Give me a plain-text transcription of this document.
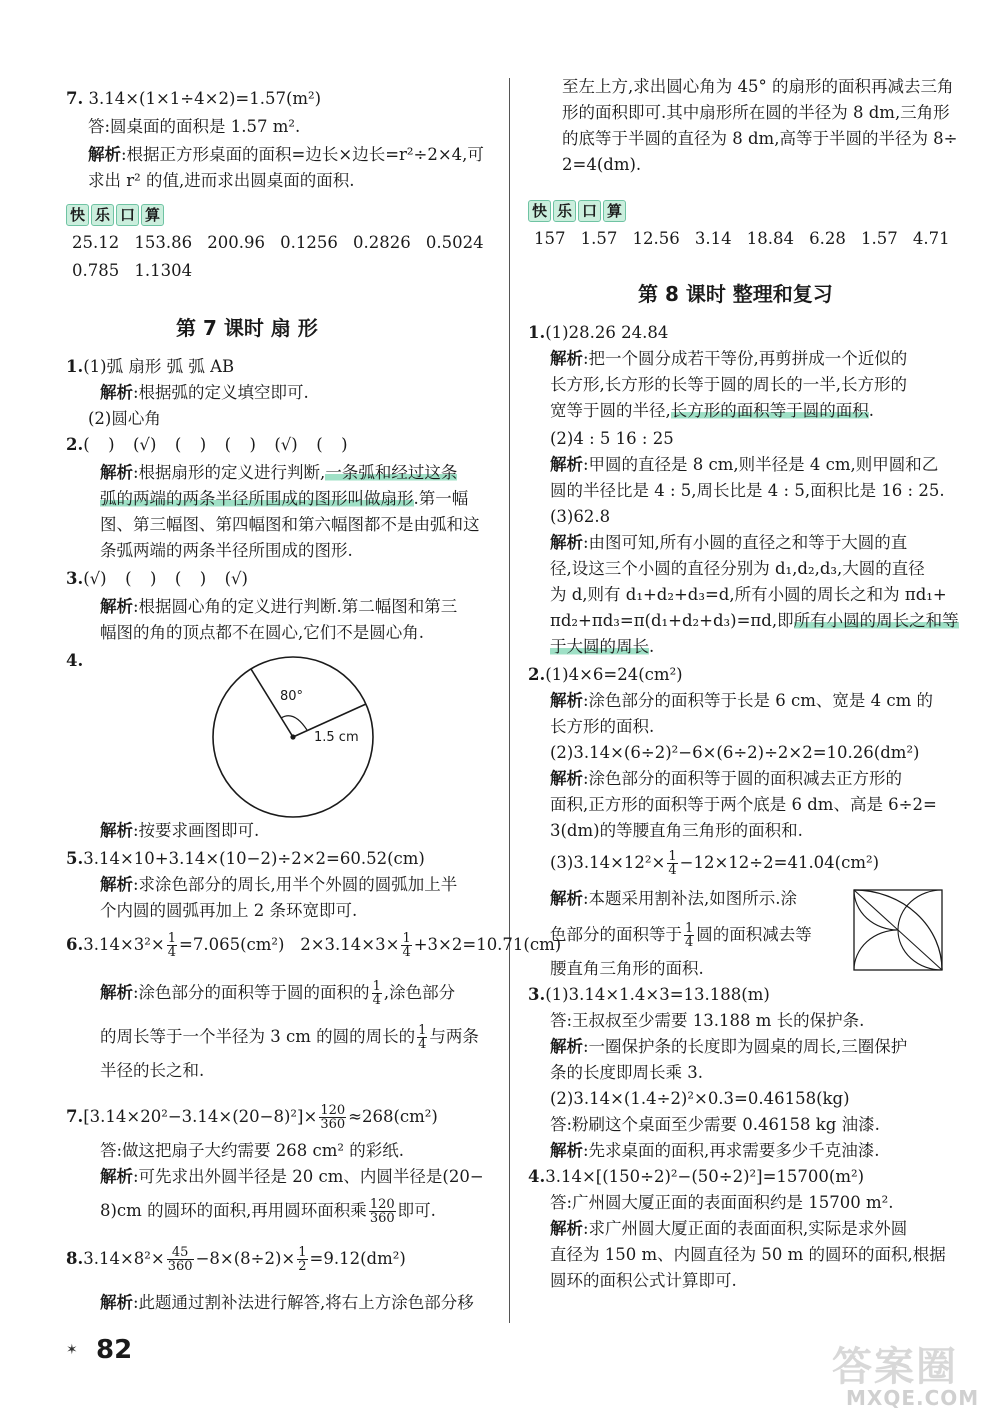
7. 3.14×(1×1÷4×2)=1.57(m²)
答:圆桌面的面积是 1.57 m².
解析:根据正方形桌面的面积=边长×边长=r²÷2×4,可
求出 r² 的值,进而求出圆桌面的面积.
快 乐 口 算
25.12 153.86 200.96 0.1256 0.2826 0.5024
0.785 1.1304
第 7 课时 扇 形
1.(1)弧 扇形 弧 弧 AB
解析:根据弧的定义填空即可.
(2)圆心角
2.( ) (√) ( ) ( ) (√) ( )
解析:根据扇形的定义进行判断,一条弧和经过这条
弧的两端的两条半径所围成的图形叫做扇形.第一幅
图、第三幅图、第四幅图和第六幅图都不是由弧和这
条弧两端的两条半径所围成的图形.
3.(√) ( ) ( ) (√)
解析:根据圆心角的定义进行判断.第二幅图和第三
幅图的角的顶点都不在圆心,它们不是圆心角.
4.
80°
1.5 cm
解析:按要求画图即可.
5.3.14×10+3.14×(10−2)÷2×2=60.52(cm)
解析:求涂色部分的周长,用半个外圆的圆弧加上半
个内圆的圆弧再加上 2 条环宽即可.
$6.3.14\times 3^2\times \frac{1}{4} =7.065(cm^2)$ $2\times 3.14\times 3\times \frac{1}{4} +3\times 2=10.71(cm)$
解析:涂色部分的面积等于圆的面积的 $\frac{1}{4}$ ,涂色部分
的周长等于一个半径为 3 cm 的圆的周长的 $\frac{1}{4}$ 与两条
半径的长之和.
$7.[3.14\times 20^2-3.14\times(20-8)^2]\times \frac{120}{360} \approx 268(cm^2)$
答:做这把扇子大约需要 268 cm² 的彩纸.
解析:可先求出外圆半径是 20 cm、内圆半径是(20−
8)cm 的圆环的面积,再用圆环面积乘 $\frac{120}{360}$ 即可.
$8.3.14\times 8^2\times \frac{45}{360} -8\times(8\div 2)\times \frac{1}{2} =9.12(dm^2)$
解析:此题通过割补法进行解答,将右上方涂色部分移
至左上方,求出圆心角为 45° 的扇形的面积再减去三角
形的面积即可.其中扇形所在圆的半径为 8 dm,三角形
的底等于半圆的直径为 8 dm,高等于半圆的半径为 8÷
2=4(dm).
快 乐 口 算
157 1.57 12.56 3.14 18.84 6.28 1.57 4.71
第 8 课时 整理和复习
1.(1)28.26 24.84
解析:把一个圆分成若干等份,再剪拼成一个近似的
长方形,长方形的长等于圆的周长的一半,长方形的
宽等于圆的半径,长方形的面积等于圆的面积.
(2)4 : 5 16 : 25
解析:甲圆的直径是 8 cm,则半径是 4 cm,则甲圆和乙
圆的半径比是 4 : 5,周长比是 4 : 5,面积比是 16 : 25.
(3)62.8
解析:由图可知,所有小圆的直径之和等于大圆的直
径,设这三个小圆的直径分别为 d₁,d₂,d₃,大圆的直径
为 d,则有 d₁+d₂+d₃=d,所有小圆的周长之和为 πd₁+
πd₂+πd₃=π(d₁+d₂+d₃)=πd,即所有小圆的周长之和等
于大圆的周长.
2.(1)4×6=24(cm²)
解析:涂色部分的面积等于长是 6 cm、宽是 4 cm 的
长方形的面积.
(2)3.14×(6÷2)²−6×(6÷2)÷2×2=10.26(dm²)
解析:涂色部分的面积等于圆的面积减去正方形的
面积,正方形的面积等于两个底是 6 dm、高是 6÷2=
3(dm)的等腰直角三角形的面积和.
$(3)3.14\times 12^2\times \frac{1}{4} -12\times 12\div 2=41.04(cm^2)$
解析:本题采用割补法,如图所示.涂
色部分的面积等于 $\frac{1}{4}$ 圆的面积减去等
腰直角三角形的面积.
3.(1)3.14×1.4×3=13.188(m)
答:王叔叔至少需要 13.188 m 长的保护条.
解析:一圈保护条的长度即为圆桌的周长,三圈保护
条的长度即周长乘 3.
(2)3.14×(1.4÷2)²×0.3=0.46158(kg)
答:粉刷这个桌面至少需要 0.46158 kg 油漆.
解析:先求桌面的面积,再求需要多少千克油漆.
4.3.14×[(150÷2)²−(50÷2)²]=15700(m²)
答:广州圆大厦正面的表面面积约是 15700 m².
解析:求广州圆大厦正面的表面面积,实际是求外圆
直径为 150 m、内圆直径为 50 m 的圆环的面积,根据
圆环的面积公式计算即可.
✶ 82	答案圈
MXQE.COM
